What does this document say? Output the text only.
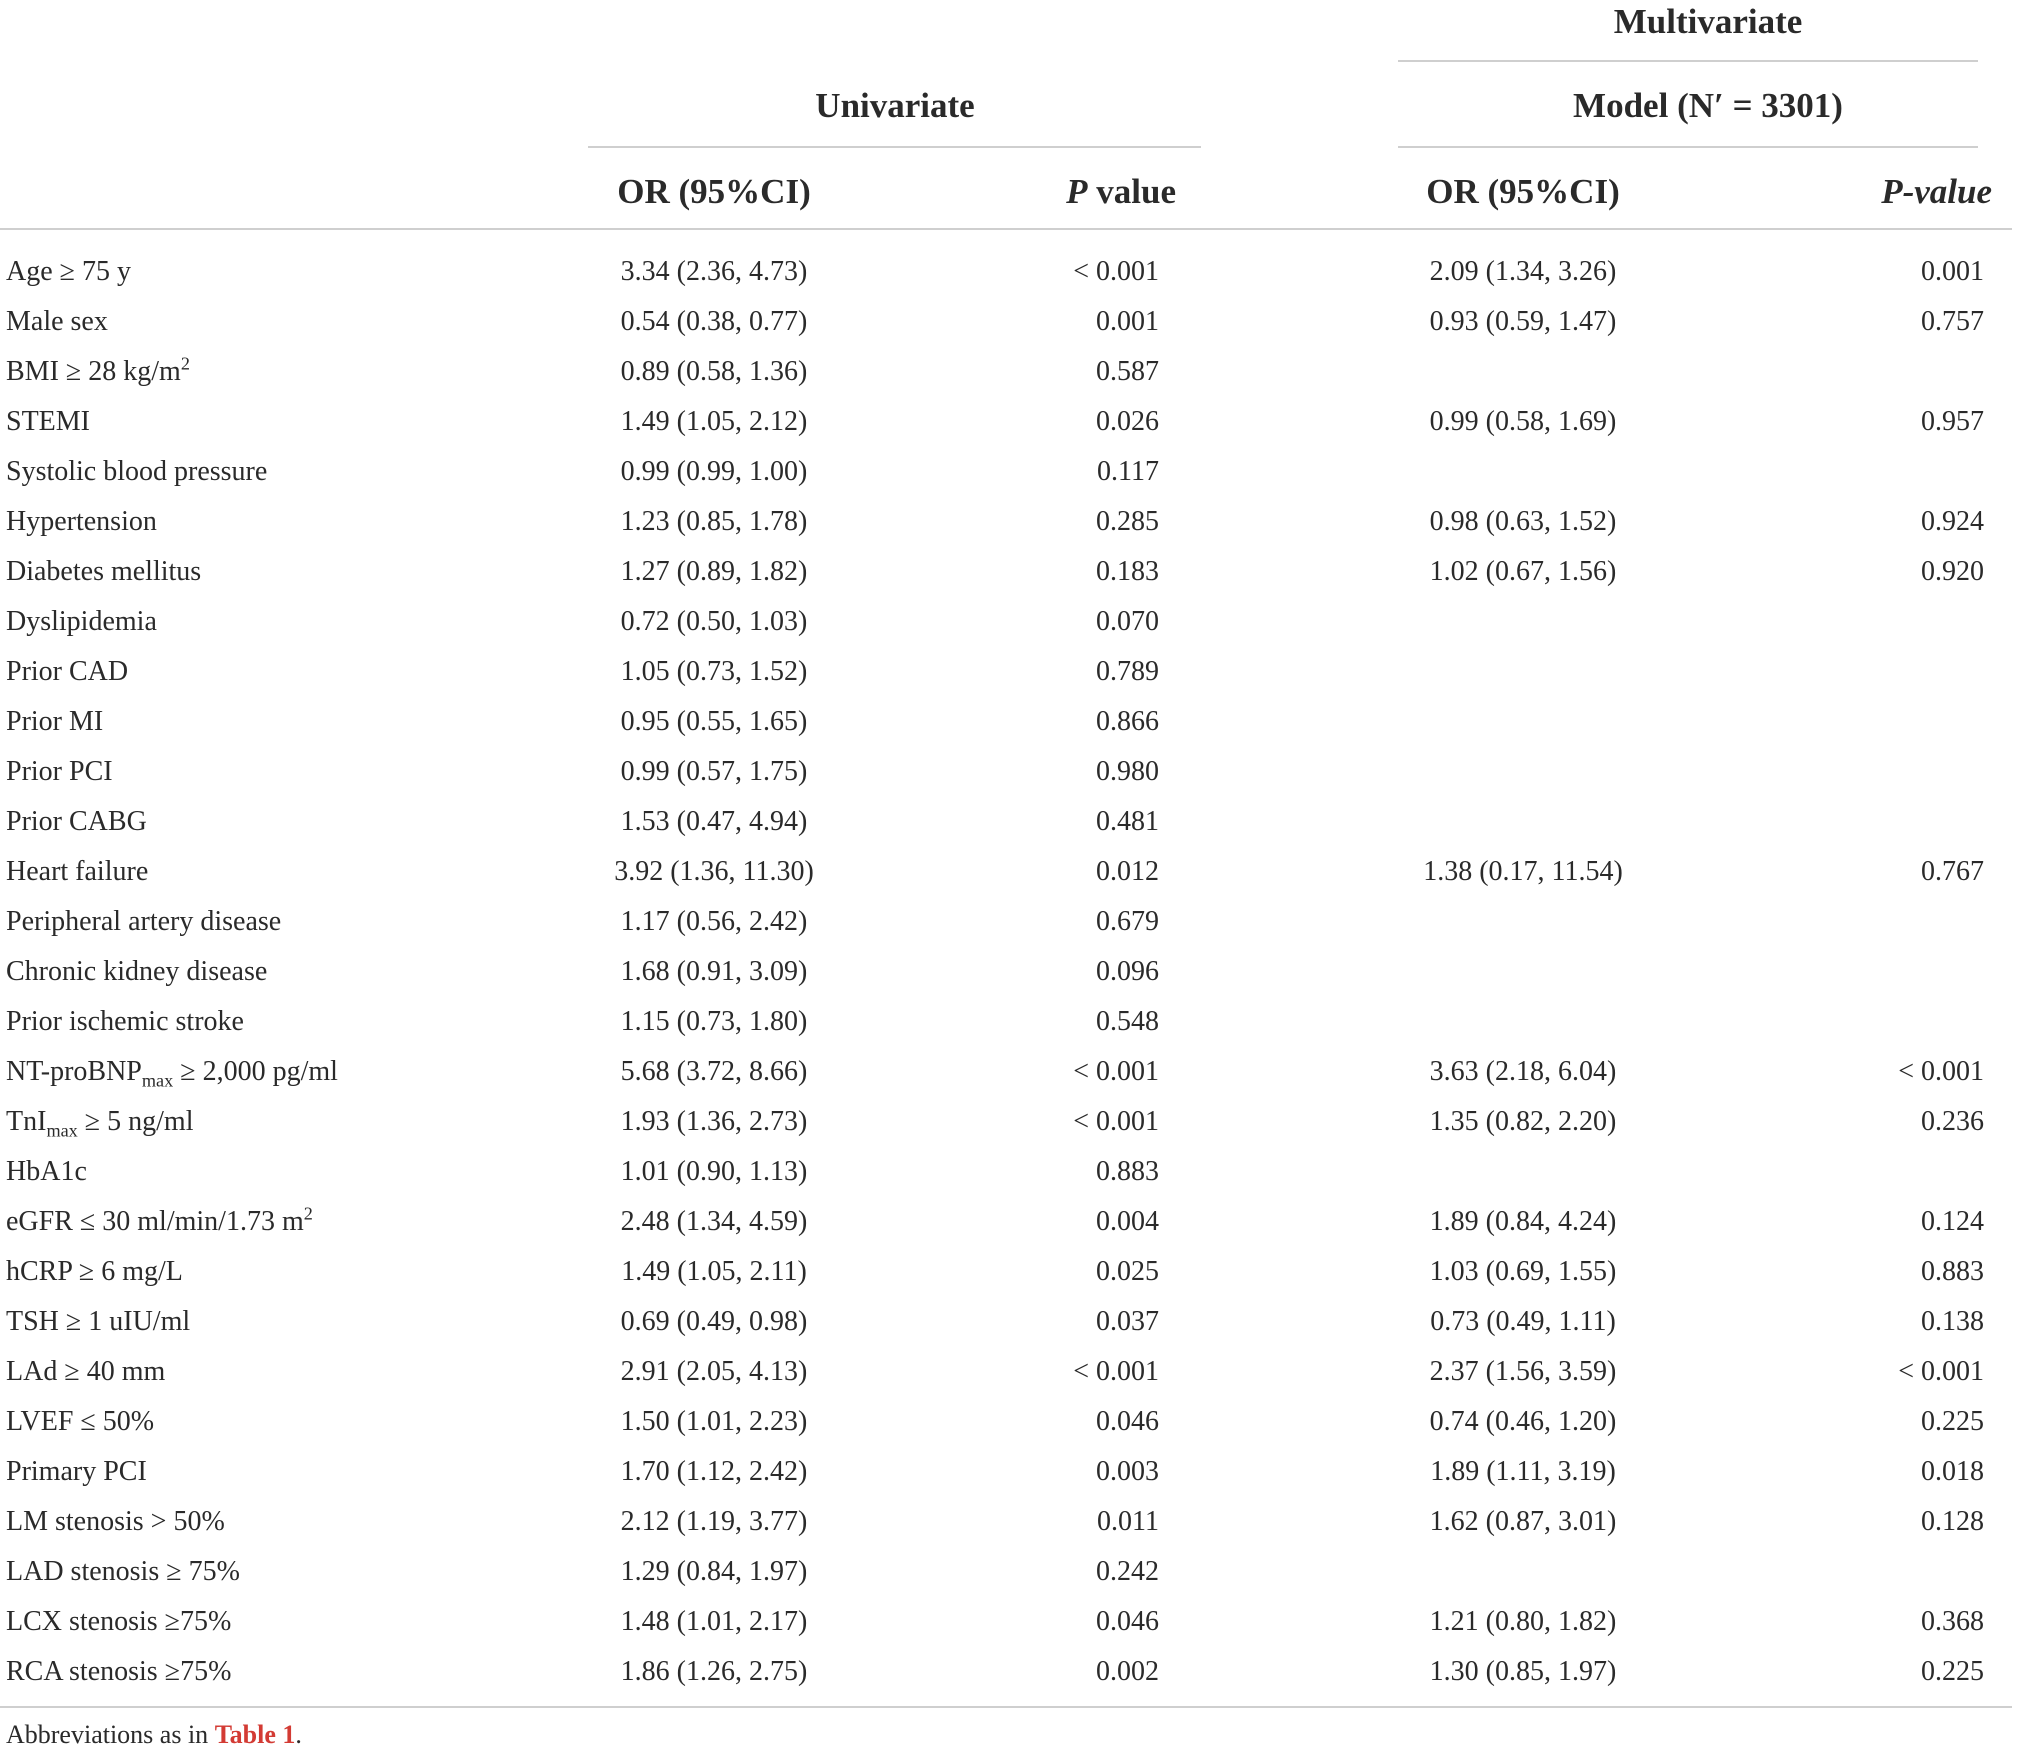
Multivariate
Univariate	Model (N′ = 3301)
OR (95%CI)	P value	OR (95%CI)	P-value
Age ≥ 75 y	3.34 (2.36, 4.73)	< 0.001	2.09 (1.34, 3.26)	0.001
Male sex	0.54 (0.38, 0.77)	0.001	0.93 (0.59, 1.47)	0.757
BMI ≥ 28 $kg/m^2$	0.89 (0.58, 1.36)	0.587
STEMI	1.49 (1.05, 2.12)	0.026	0.99 (0.58, 1.69)	0.957
Systolic blood pressure	0.99 (0.99, 1.00)	0.117
Hypertension	1.23 (0.85, 1.78)	0.285	0.98 (0.63, 1.52)	0.924
Diabetes mellitus	1.27 (0.89, 1.82)	0.183	1.02 (0.67, 1.56)	0.920
Dyslipidemia	0.72 (0.50, 1.03)	0.070
Prior CAD	1.05 (0.73, 1.52)	0.789
Prior MI	0.95 (0.55, 1.65)	0.866
Prior PCI	0.99 (0.57, 1.75)	0.980
Prior CABG	1.53 (0.47, 4.94)	0.481
Heart failure	3.92 (1.36, 11.30)	0.012	1.38 (0.17, 11.54)	0.767
Peripheral artery disease	1.17 (0.56, 2.42)	0.679
Chronic kidney disease	1.68 (0.91, 3.09)	0.096
Prior ischemic stroke	1.15 (0.73, 1.80)	0.548
NT-proBNP$_{max}$ ≥ 2,000 pg/ml	5.68 (3.72, 8.66)	< 0.001	3.63 (2.18, 6.04)	< 0.001
TnI$_{max}$ ≥ 5 ng/ml	1.93 (1.36, 2.73)	< 0.001	1.35 (0.82, 2.20)	0.236
HbA1c	1.01 (0.90, 1.13)	0.883
eGFR ≤ 30 ml/min/1.73 $m^2$	2.48 (1.34, 4.59)	0.004	1.89 (0.84, 4.24)	0.124
hCRP ≥ 6 mg/L	1.49 (1.05, 2.11)	0.025	1.03 (0.69, 1.55)	0.883
TSH ≥ 1 uIU/ml	0.69 (0.49, 0.98)	0.037	0.73 (0.49, 1.11)	0.138
LAd ≥ 40 mm	2.91 (2.05, 4.13)	< 0.001	2.37 (1.56, 3.59)	< 0.001
LVEF ≤ 50%	1.50 (1.01, 2.23)	0.046	0.74 (0.46, 1.20)	0.225
Primary PCI	1.70 (1.12, 2.42)	0.003	1.89 (1.11, 3.19)	0.018
LM stenosis > 50%	2.12 (1.19, 3.77)	0.011	1.62 (0.87, 3.01)	0.128
LAD stenosis ≥ 75%	1.29 (0.84, 1.97)	0.242
LCX stenosis ≥75%	1.48 (1.01, 2.17)	0.046	1.21 (0.80, 1.82)	0.368
RCA stenosis ≥75%	1.86 (1.26, 2.75)	0.002	1.30 (0.85, 1.97)	0.225
Abbreviations as in Table 1.
